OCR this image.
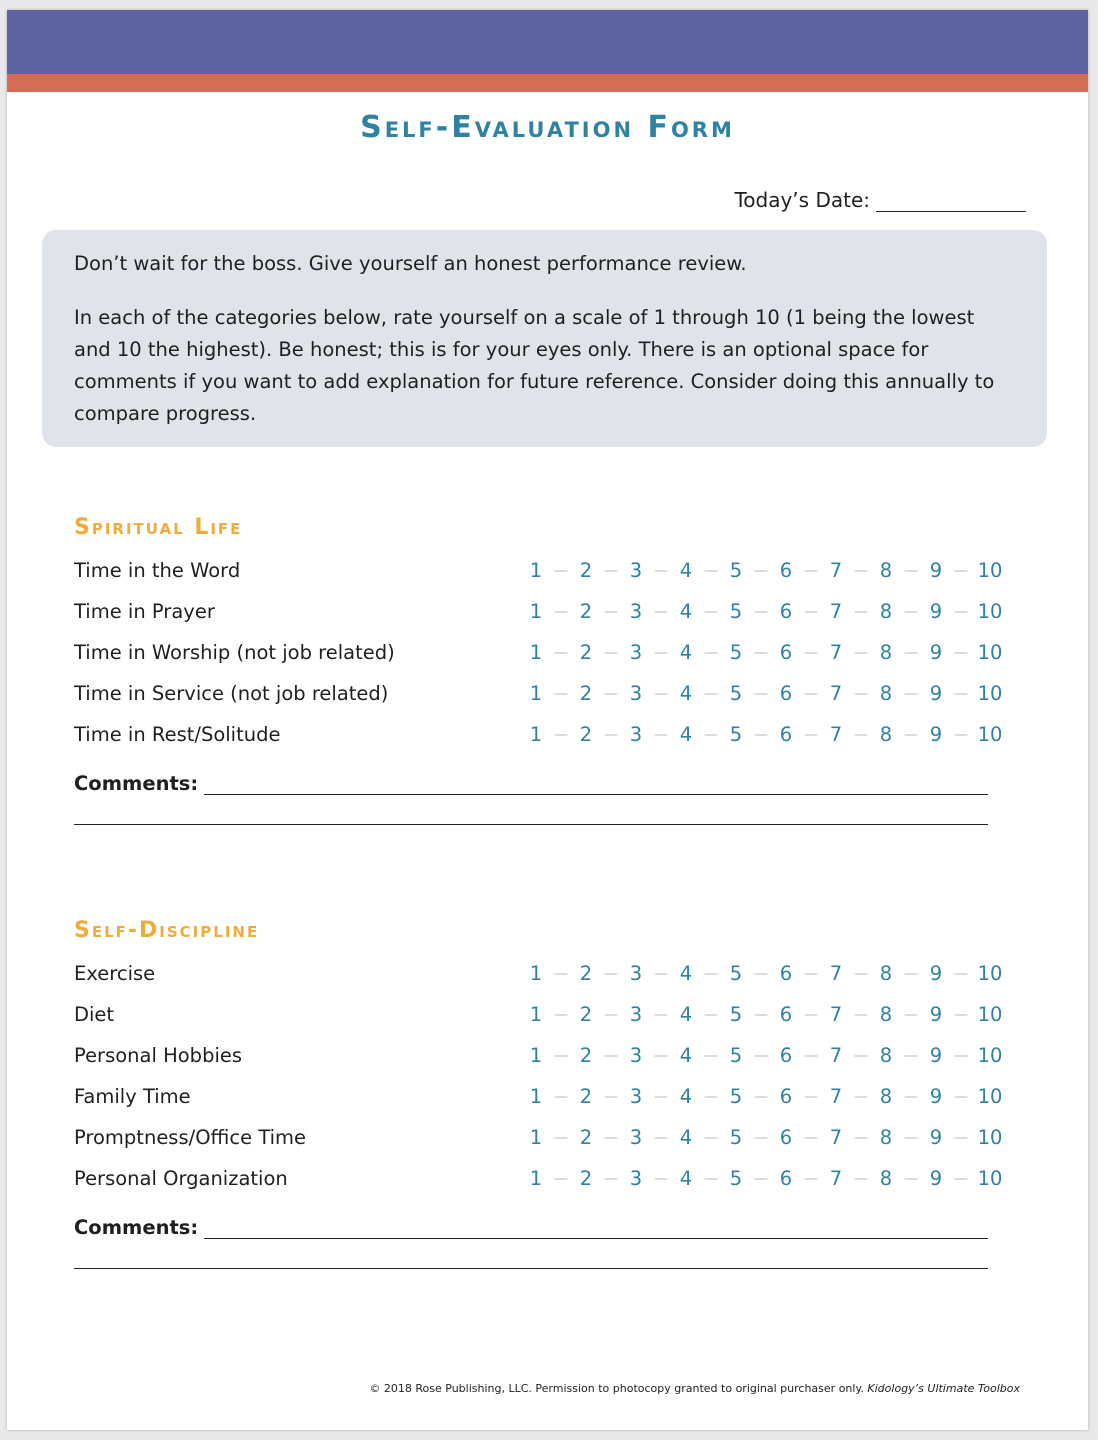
Self-Evaluation Form
Today’s Date:

Don’t wait for the boss. Give yourself an honest performance review.

In each of the categories below, rate yourself on a scale of 1 through 10 (1 being the lowest and 10 the highest). Be honest; this is for your eyes only. There is an optional space for comments if you want to add explanation for future reference. Consider doing this annually to compare progress.

Spiritual Life
Time in the Word	1 — 2 — 3 — 4 — 5 — 6 — 7 — 8 — 9 — 10
Time in Prayer	1 — 2 — 3 — 4 — 5 — 6 — 7 — 8 — 9 — 10
Time in Worship (not job related)	1 — 2 — 3 — 4 — 5 — 6 — 7 — 8 — 9 — 10
Time in Service (not job related)	1 — 2 — 3 — 4 — 5 — 6 — 7 — 8 — 9 — 10
Time in Rest/Solitude	1 — 2 — 3 — 4 — 5 — 6 — 7 — 8 — 9 — 10
Comments:
Self-Discipline
Exercise	1 — 2 — 3 — 4 — 5 — 6 — 7 — 8 — 9 — 10
Diet	1 — 2 — 3 — 4 — 5 — 6 — 7 — 8 — 9 — 10
Personal Hobbies	1 — 2 — 3 — 4 — 5 — 6 — 7 — 8 — 9 — 10
Family Time	1 — 2 — 3 — 4 — 5 — 6 — 7 — 8 — 9 — 10
Promptness/Office Time	1 — 2 — 3 — 4 — 5 — 6 — 7 — 8 — 9 — 10
Personal Organization	1 — 2 — 3 — 4 — 5 — 6 — 7 — 8 — 9 — 10
Comments:
© 2018 Rose Publishing, LLC. Permission to photocopy granted to original purchaser only. Kidology’s Ultimate Toolbox
